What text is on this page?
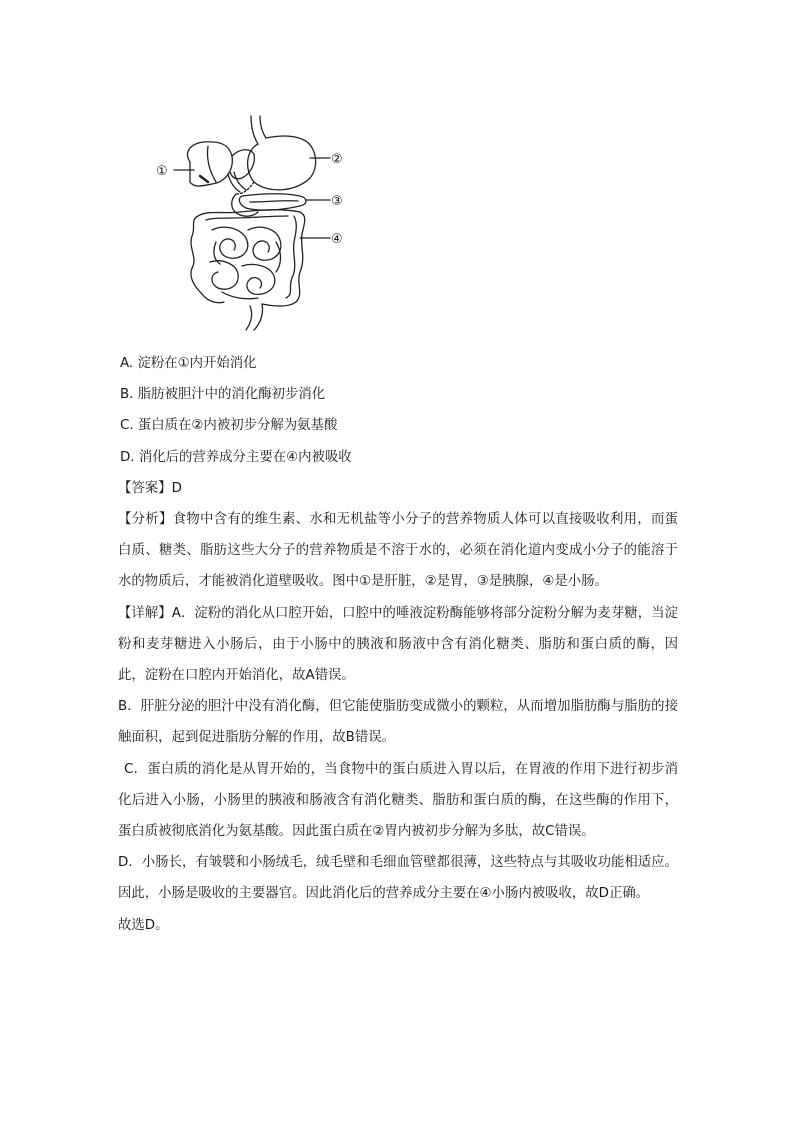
①
②
③
④

A. 淀粉在①内开始消化

B. 脂肪被胆汁中的消化酶初步消化

C. 蛋白质在②内被初步分解为氨基酸

D. 消化后的营养成分主要在④内被吸收

【答案】D

【分析】食物中含有的维生素、水和无机盐等小分子的营养物质人体可以直接吸收利用，而蛋白质、糖类、脂肪这些大分子的营养物质是不溶于水的，必须在消化道内变成小分子的能溶于水的物质后，才能被消化道壁吸收。图中①是肝脏，②是胃，③是胰腺，④是小肠。

【详解】A．淀粉的消化从口腔开始，口腔中的唾液淀粉酶能够将部分淀粉分解为麦芽糖，当淀粉和麦芽糖进入小肠后，由于小肠中的胰液和肠液中含有消化糖类、脂肪和蛋白质的酶，因此，淀粉在口腔内开始消化，故A错误。

B．肝脏分泌的胆汁中没有消化酶，但它能使脂肪变成微小的颗粒，从而增加脂肪酶与脂肪的接触面积，起到促进脂肪分解的作用，故B错误。

C．蛋白质的消化是从胃开始的，当食物中的蛋白质进入胃以后，在胃液的作用下进行初步消化后进入小肠，小肠里的胰液和肠液含有消化糖类、脂肪和蛋白质的酶，在这些酶的作用下，蛋白质被彻底消化为氨基酸。因此蛋白质在②胃内被初步分解为多肽，故C错误。

D．小肠长，有皱襞和小肠绒毛，绒毛壁和毛细血管壁都很薄，这些特点与其吸收功能相适应。因此，小肠是吸收的主要器官。因此消化后的营养成分主要在④小肠内被吸收，故D正确。

故选D。
